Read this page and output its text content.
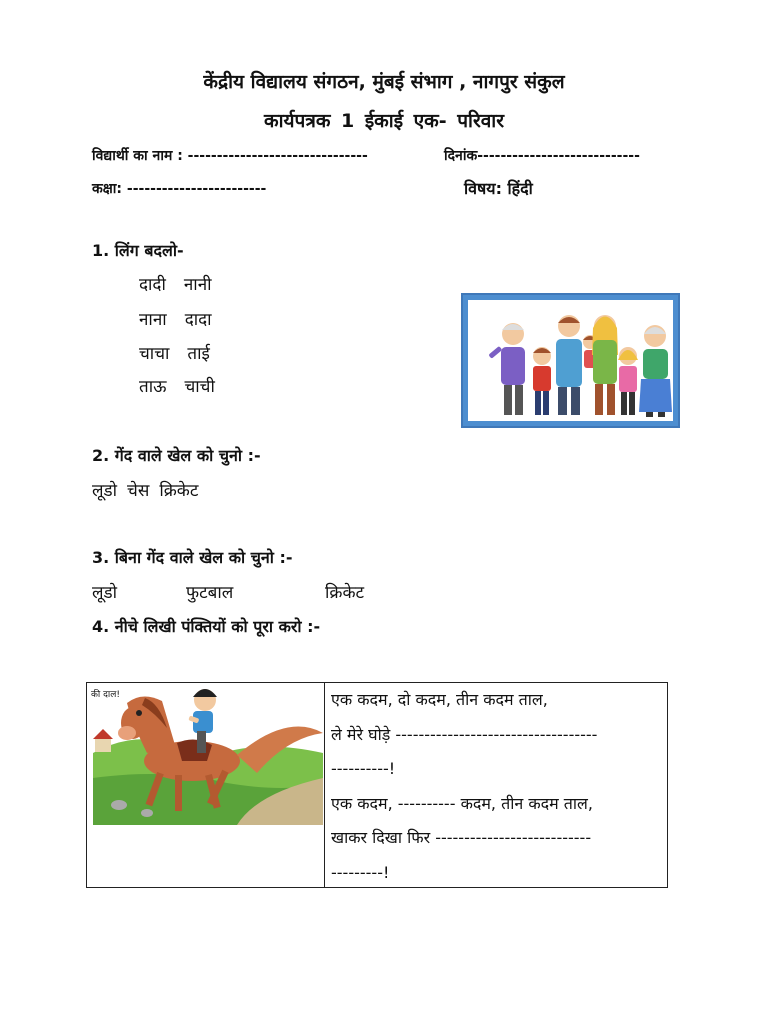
केंद्रीय विद्यालय संगठन, मुंबई संभाग , नागपुर संकुल
कार्यपत्रक 1 ईकाई एक- परिवार
विद्यार्थी का नाम : -------------------------------	दिनांक----------------------------
कक्षा: ------------------------	विषय: हिंदी
1. लिंग बदलो-
दादी नानी
नाना दादा
चाचा ताई
ताऊ चाची
2. गेंद वाले खेल को चुनो :-
लूडो चेस क्रिकेट
3. बिना गेंद वाले खेल को चुनो :-
लूडो	फुटबाल	क्रिकेट
4. नीचे लिखी पंक्तियों को पूरा करो :-
की दाल!	एक कदम, दो कदम, तीन कदम ताल,
ले मेरे घोड़े -----------------------------------
----------!
एक कदम, ---------- कदम, तीन कदम ताल,
खाकर दिखा फिर ---------------------------
---------!
